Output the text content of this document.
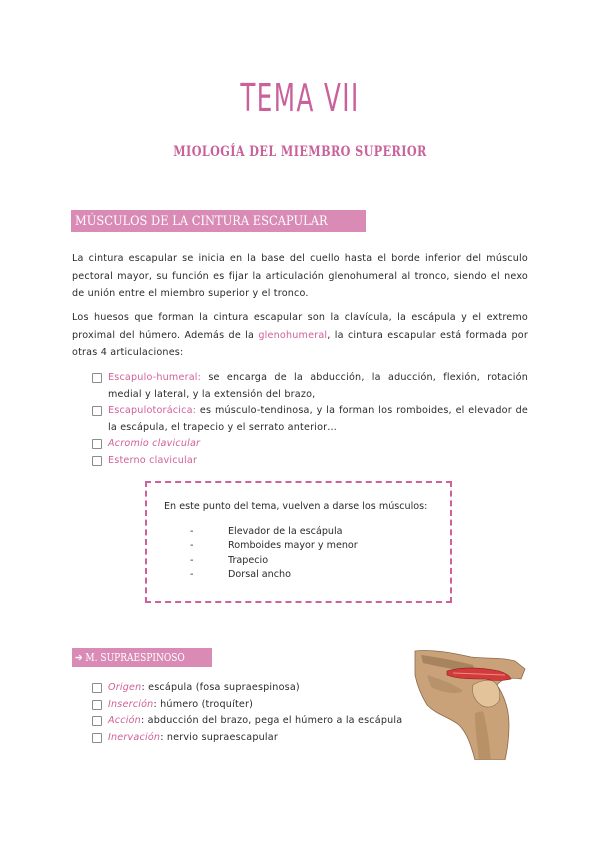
TEMA VII
MIOLOGÍA DEL MIEMBRO SUPERIOR
MÚSCULOS DE LA CINTURA ESCAPULAR

La cintura escapular se inicia en la base del cuello hasta el borde inferior del músculo pectoral mayor, su función es fijar la articulación glenohumeral al tronco, siendo el nexo de unión entre el miembro superior y el tronco.

Los huesos que forman la cintura escapular son la clavícula, la escápula y el extremo proximal del húmero. Además de la glenohumeral, la cintura escapular está formada por otras 4 articulaciones:

Escapulo-humeral: se encarga de la abducción, la aducción, flexión, rotación medial y lateral, y la extensión del brazo,
Escapulotorácica: es músculo-tendinosa, y la forman los romboides, el elevador de la escápula, el trapecio y el serrato anterior…
Acromio clavicular
Esterno clavicular
En este punto del tema, vuelven a darse los músculos:
-	Elevador de la escápula
-	Romboides mayor y menor
-	Trapecio
-	Dorsal ancho
➔ M. SUPRAESPINOSO
Origen: escápula (fosa supraespinosa)
Inserción: húmero (troquíter)
Acción: abducción del brazo, pega el húmero a la escápula
Inervación: nervio supraescapular
